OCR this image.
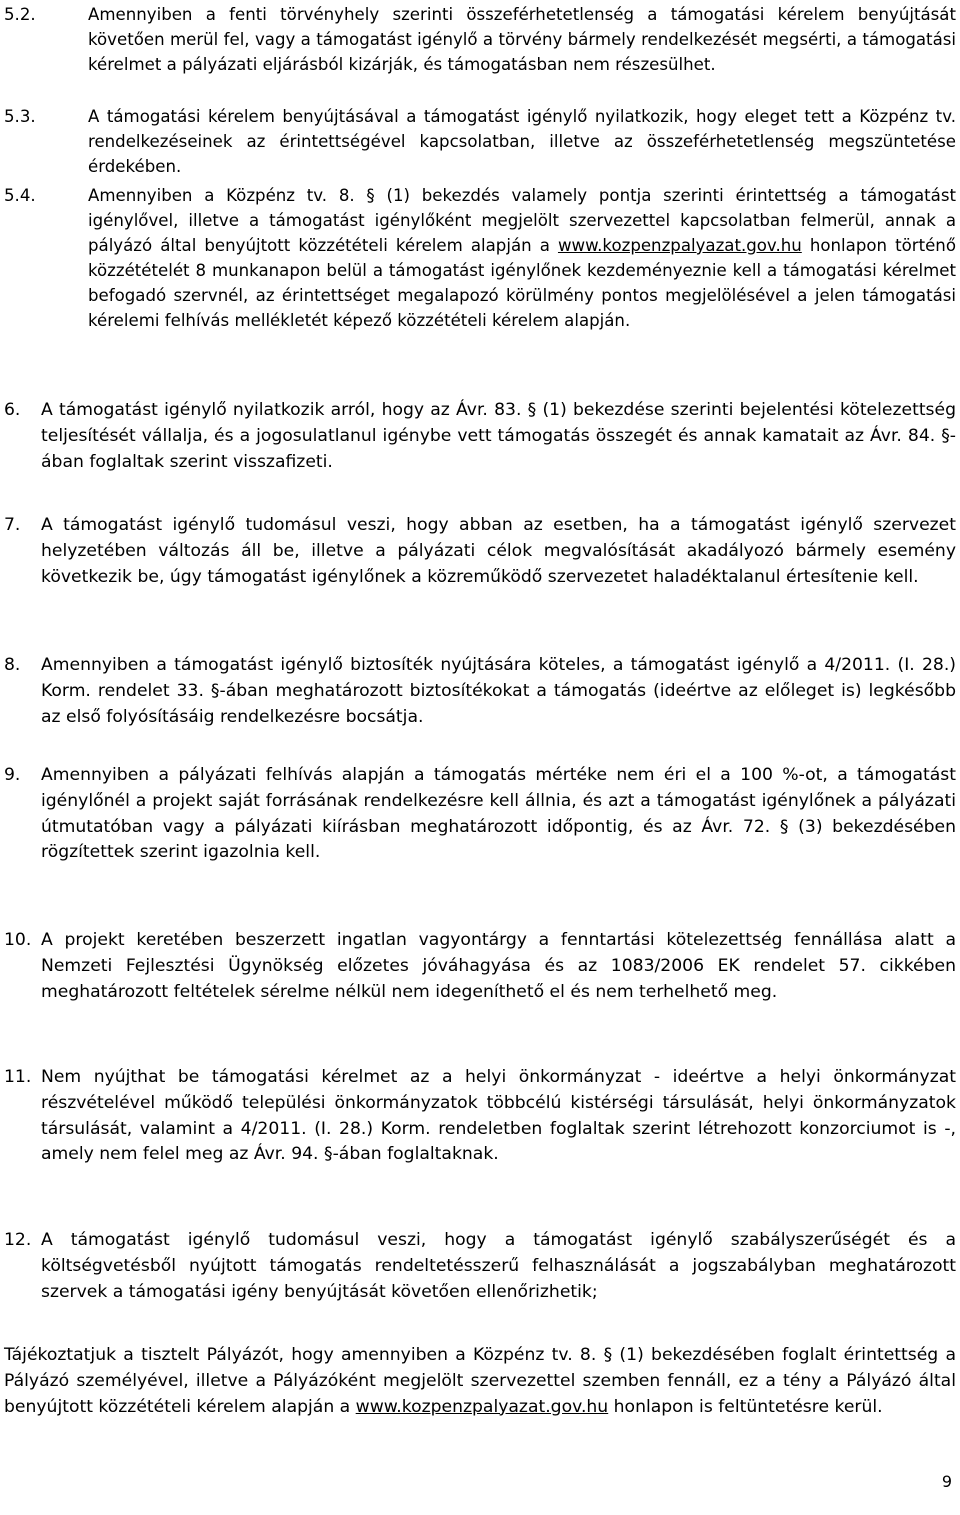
5.2.	Amennyiben a fenti törvényhely szerinti összeférhetetlenség a támogatási kérelem benyújtását követően merül fel, vagy a támogatást igénylő a törvény bármely rendelkezését megsérti, a támogatási kérelmet a pályázati eljárásból kizárják, és támogatásban nem részesülhet.
5.3.	A támogatási kérelem benyújtásával a támogatást igénylő nyilatkozik, hogy eleget tett a Közpénz tv. rendelkezéseinek az érintettségével kapcsolatban, illetve az összeférhetetlenség megszüntetése érdekében.
5.4.	Amennyiben a Közpénz tv. 8. § (1) bekezdés valamely pontja szerinti érintettség a támogatást igénylővel, illetve a támogatást igénylőként megjelölt szervezettel kapcsolatban felmerül, annak a pályázó által benyújtott közzétételi kérelem alapján a www.kozpenzpalyazat.gov.hu honlapon történő közzétételét 8 munkanapon belül a támogatást igénylőnek kezdeményeznie kell a támogatási kérelmet befogadó szervnél, az érintettséget megalapozó körülmény pontos megjelölésével a jelen támogatási kérelemi felhívás mellékletét képező közzétételi kérelem alapján.
6.	A támogatást igénylő nyilatkozik arról, hogy az Ávr. 83. § (1) bekezdése szerinti bejelentési kötelezettség teljesítését vállalja, és a jogosulatlanul igénybe vett támogatás összegét és annak kamatait az Ávr. 84. §-ában foglaltak szerint visszafizeti.
7.	A támogatást igénylő tudomásul veszi, hogy abban az esetben, ha a támogatást igénylő szervezet helyzetében változás áll be, illetve a pályázati célok megvalósítását akadályozó bármely esemény következik be, úgy támogatást igénylőnek a közreműködő szervezetet haladéktalanul értesítenie kell.
8.	Amennyiben a támogatást igénylő biztosíték nyújtására köteles, a támogatást igénylő a 4/2011. (I. 28.) Korm. rendelet 33. §-ában meghatározott biztosítékokat a támogatás (ideértve az előleget is) legkésőbb az első folyósításáig rendelkezésre bocsátja.
9.	Amennyiben a pályázati felhívás alapján a támogatás mértéke nem éri el a 100 %-ot, a támogatást igénylőnél a projekt saját forrásának rendelkezésre kell állnia, és azt a támogatást igénylőnek a pályázati útmutatóban vagy a pályázati kiírásban meghatározott időpontig, és az Ávr. 72. § (3) bekezdésében rögzítettek szerint igazolnia kell.
10. A projekt keretében beszerzett ingatlan vagyontárgy a fenntartási kötelezettség fennállása alatt a Nemzeti Fejlesztési Ügynökség előzetes jóváhagyása és az 1083/2006 EK rendelet 57. cikkében meghatározott feltételek sérelme nélkül nem idegeníthető el és nem terhelhető meg.
11. Nem nyújthat be támogatási kérelmet az a helyi önkormányzat - ideértve a helyi önkormányzat részvételével működő települési önkormányzatok többcélú kistérségi társulását, helyi önkormányzatok társulását, valamint a 4/2011. (I. 28.) Korm. rendeletben foglaltak szerint létrehozott konzorciumot is -, amely nem felel meg az Ávr. 94. §-ában foglaltaknak.
12. A támogatást igénylő tudomásul veszi, hogy a támogatást igénylő szabályszerűségét és a költségvetésből nyújtott támogatás rendeltetésszerű felhasználását a jogszabályban meghatározott szervek a támogatási igény benyújtását követően ellenőrizhetik;
Tájékoztatjuk a tisztelt Pályázót, hogy amennyiben a Közpénz tv. 8. § (1) bekezdésében foglalt érintettség a Pályázó személyével, illetve a Pályázóként megjelölt szervezettel szemben fennáll, ez a tény a Pályázó által benyújtott közzétételi kérelem alapján a www.kozpenzpalyazat.gov.hu honlapon is feltüntetésre kerül.
9
